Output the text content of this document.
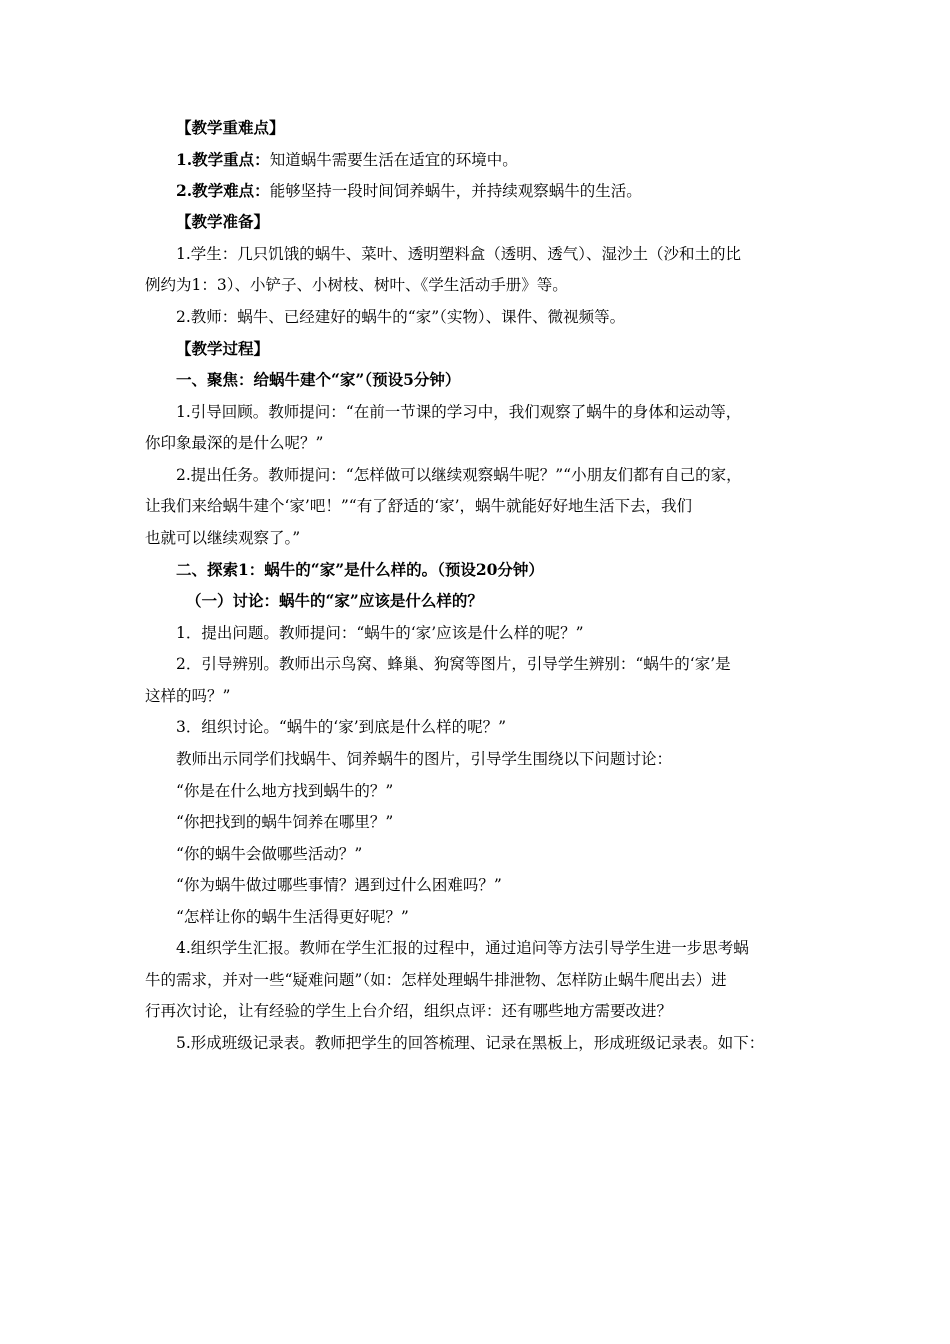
【教学重难点】
1.教学重点：知道蜗牛需要生活在适宜的环境中。
2.教学难点：能够坚持一段时间饲养蜗牛，并持续观察蜗牛的生活。
【教学准备】
1.学生：几只饥饿的蜗牛、菜叶、透明塑料盒（透明、透气）、湿沙土（沙和土的比
例约为1：3）、小铲子、小树枝、树叶、《学生活动手册》等。
2.教师：蜗牛、已经建好的蜗牛的“家”（实物）、课件、微视频等。
【教学过程】
一、聚焦：给蜗牛建个“家”（预设5分钟）
1.引导回顾。教师提问：“在前一节课的学习中，我们观察了蜗牛的身体和运动等，
你印象最深的是什么呢？”
2.提出任务。教师提问：“怎样做可以继续观察蜗牛呢？”“小朋友们都有自己的家，
让我们来给蜗牛建个‘家’吧！”“有了舒适的‘家’，蜗牛就能好好地生活下去，我们
也就可以继续观察了。”
二、探索1：蜗牛的“家”是什么样的。（预设20分钟）
（一）讨论：蜗牛的“家”应该是什么样的？
1．提出问题。教师提问：“蜗牛的‘家’应该是什么样的呢？”
2．引导辨别。教师出示鸟窝、蜂巢、狗窝等图片，引导学生辨别：“蜗牛的‘家’是
这样的吗？”
3．组织讨论。“蜗牛的‘家’到底是什么样的呢？”
教师出示同学们找蜗牛、饲养蜗牛的图片，引导学生围绕以下问题讨论：
“你是在什么地方找到蜗牛的？”
“你把找到的蜗牛饲养在哪里？”
“你的蜗牛会做哪些活动？”
“你为蜗牛做过哪些事情？遇到过什么困难吗？”
“怎样让你的蜗牛生活得更好呢？”
4.组织学生汇报。教师在学生汇报的过程中，通过追问等方法引导学生进一步思考蜗
牛的需求，并对一些“疑难问题”（如：怎样处理蜗牛排泄物、怎样防止蜗牛爬出去）进
行再次讨论，让有经验的学生上台介绍，组织点评：还有哪些地方需要改进？
5.形成班级记录表。教师把学生的回答梳理、记录在黑板上，形成班级记录表。如下：
